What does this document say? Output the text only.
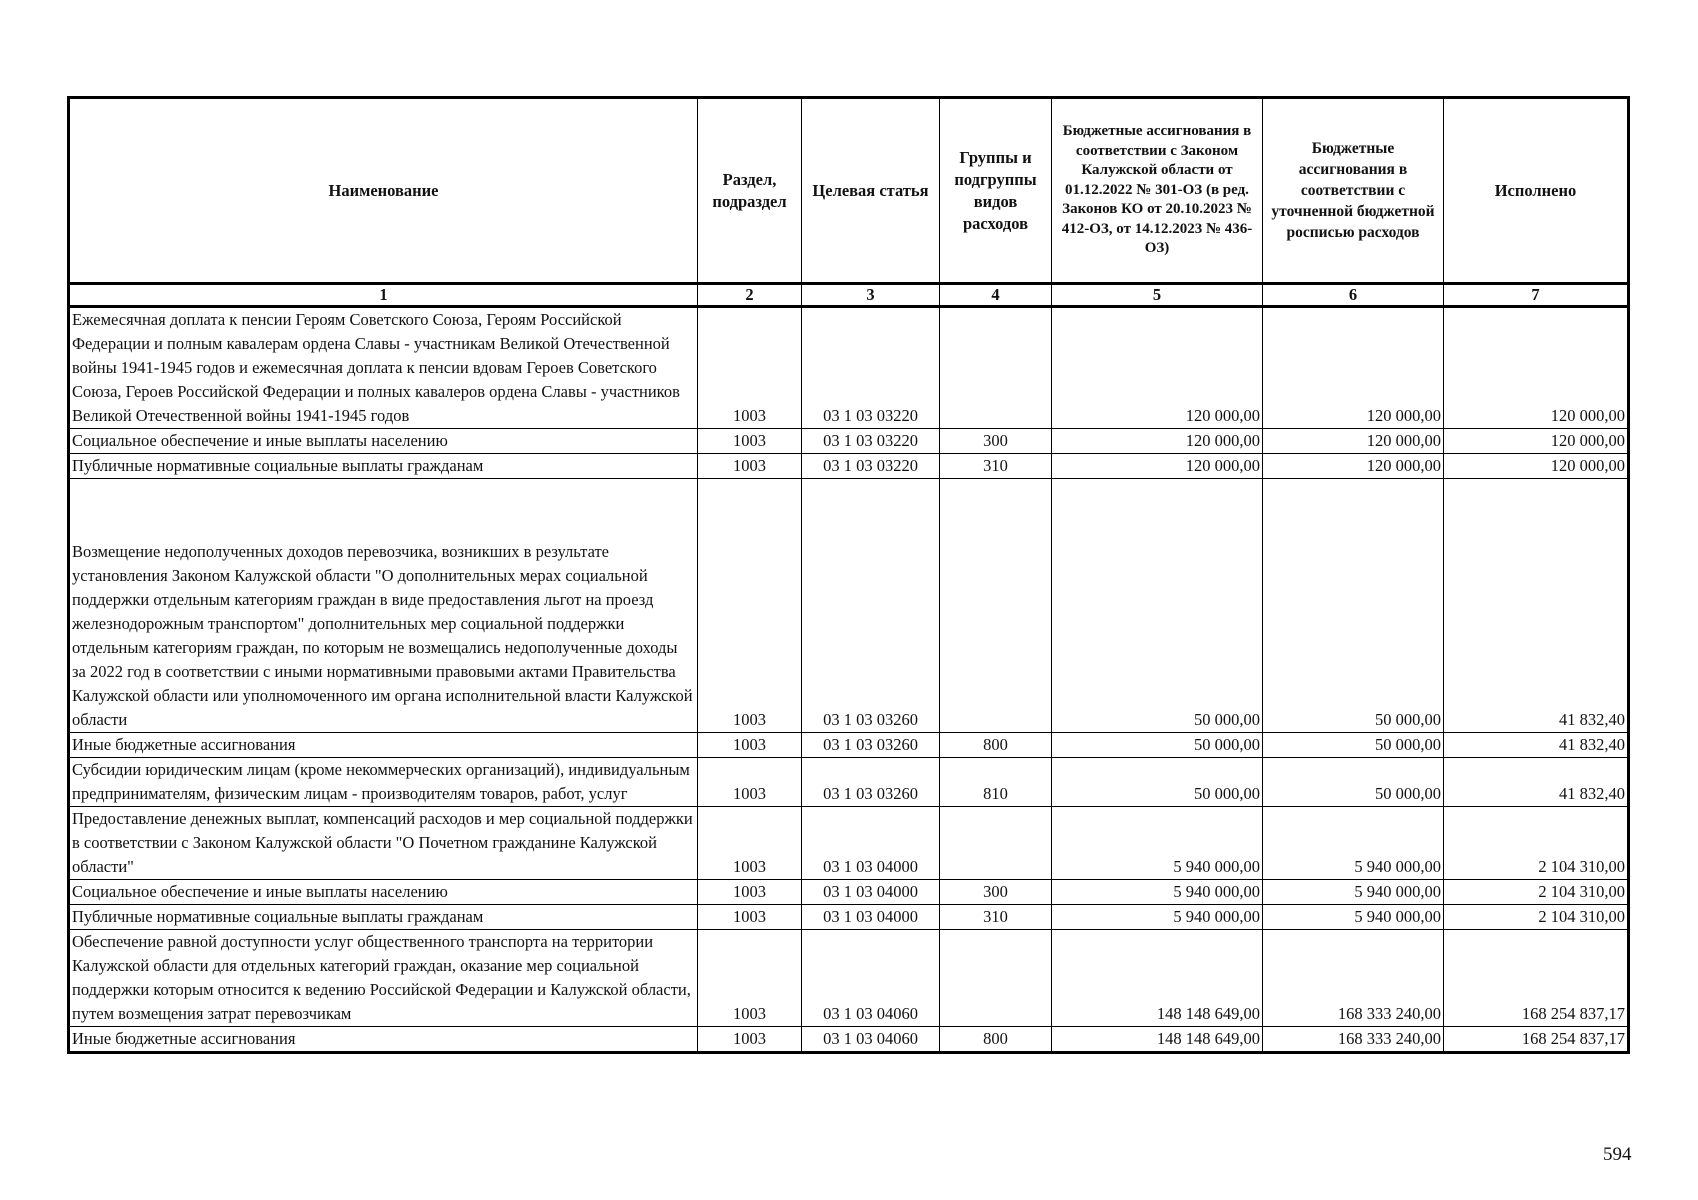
Наименование	Раздел, подраздел	Целевая статья	Группы и подгруппы видов расходов	Бюджетные ассигнования в соответствии с Законом Калужской области от 01.12.2022 № 301-ОЗ (в ред. Законов КО от 20.10.2023 № 412-ОЗ, от 14.12.2023 № 436-ОЗ)	Бюджетные ассигнования в соответствии с уточненной бюджетной росписью расходов	Исполнено
1	2	3	4	5	6	7
Ежемесячная доплата к пенсии Героям Советского Союза, Героям Российской Федерации и полным кавалерам ордена Славы - участникам Великой Отечественной войны 1941-1945 годов и ежемесячная доплата к пенсии вдовам Героев Советского Союза, Героев Российской Федерации и полных кавалеров ордена Славы - участников Великой Отечественной войны 1941-1945 годов	1003	03 1 03 03220		120 000,00	120 000,00	120 000,00
Социальное обеспечение и иные выплаты населению	1003	03 1 03 03220	300	120 000,00	120 000,00	120 000,00
Публичные нормативные социальные выплаты гражданам	1003	03 1 03 03220	310	120 000,00	120 000,00	120 000,00
Возмещение недополученных доходов перевозчика, возникших в результате установления Законом Калужской области "О дополнительных мерах социальной поддержки отдельным категориям граждан в виде предоставления льгот на проезд железнодорожным транспортом" дополнительных мер социальной поддержки отдельным категориям граждан, по которым не возмещались недополученные доходы за 2022 год в соответствии с иными нормативными правовыми актами Правительства Калужской области или уполномоченного им органа исполнительной власти Калужской области	1003	03 1 03 03260		50 000,00	50 000,00	41 832,40
Иные бюджетные ассигнования	1003	03 1 03 03260	800	50 000,00	50 000,00	41 832,40
Субсидии юридическим лицам (кроме некоммерческих организаций), индивидуальным предпринимателям, физическим лицам - производителям товаров, работ, услуг	1003	03 1 03 03260	810	50 000,00	50 000,00	41 832,40
Предоставление денежных выплат, компенсаций расходов и мер социальной поддержки в соответствии с Законом Калужской области "О Почетном гражданине Калужской области"	1003	03 1 03 04000		5 940 000,00	5 940 000,00	2 104 310,00
Социальное обеспечение и иные выплаты населению	1003	03 1 03 04000	300	5 940 000,00	5 940 000,00	2 104 310,00
Публичные нормативные социальные выплаты гражданам	1003	03 1 03 04000	310	5 940 000,00	5 940 000,00	2 104 310,00
Обеспечение равной доступности услуг общественного транспорта на территории Калужской области для отдельных категорий граждан, оказание мер социальной поддержки которым относится к ведению Российской Федерации и Калужской области, путем возмещения затрат перевозчикам	1003	03 1 03 04060		148 148 649,00	168 333 240,00	168 254 837,17
Иные бюджетные ассигнования	1003	03 1 03 04060	800	148 148 649,00	168 333 240,00	168 254 837,17
594
